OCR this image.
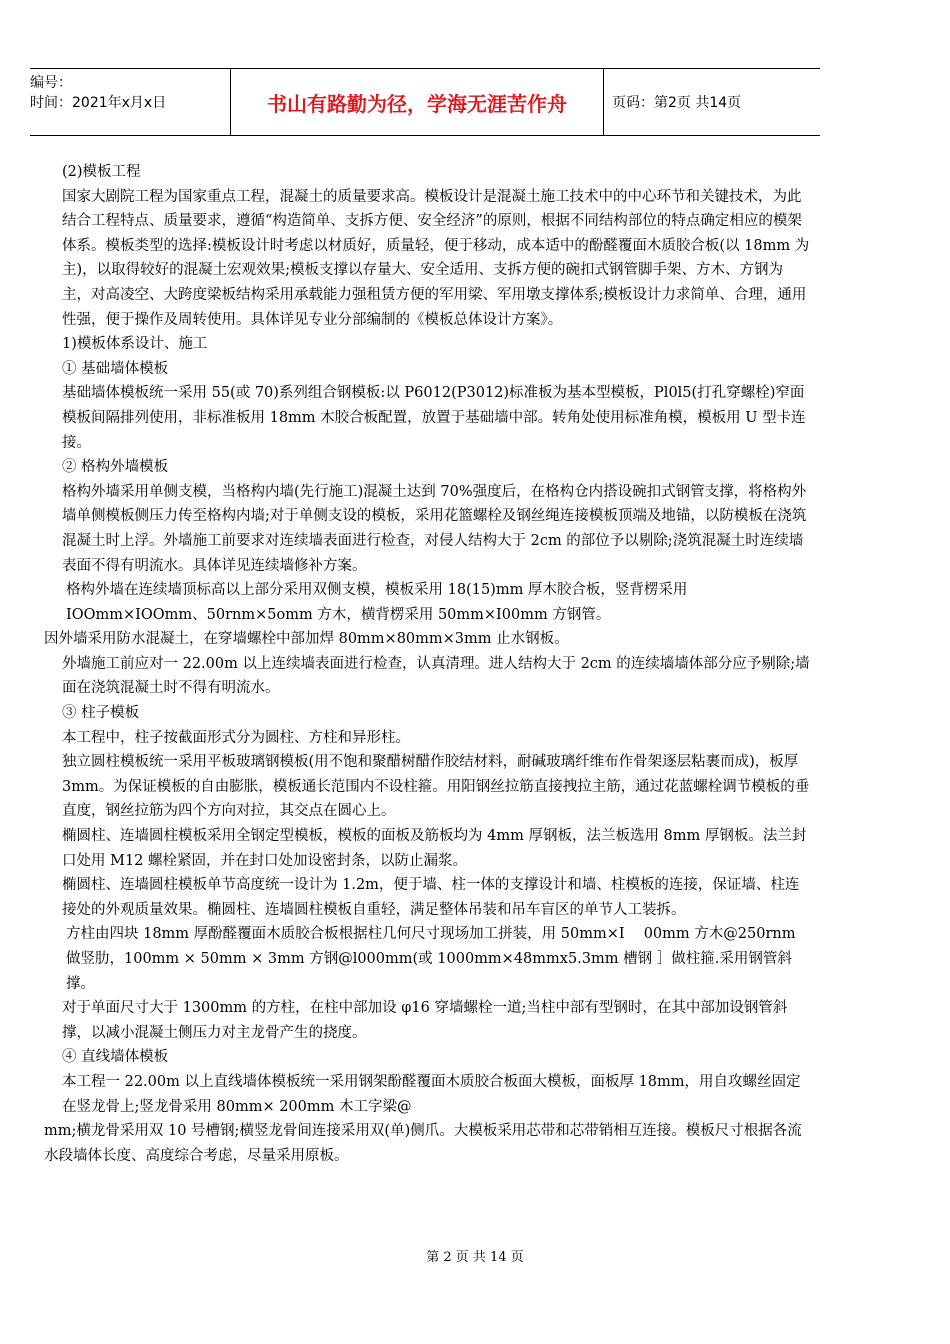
编号：
时间：2021年x月x日	书山有路勤为径，学海无涯苦作舟	页码：第2页 共14页

(2)模板工程

国家大剧院工程为国家重点工程，混凝土的质量要求高。模板设计是混凝土施工技术中的中心环节和关键技术，为此结合工程特点、质量要求，遵循“构造简单、支拆方便、安全经济”的原则，根据不同结构部位的特点确定相应的模架体系。模板类型的选择:模板设计时考虑以材质好，质量轻，便于移动，成本适中的酚醛覆面木质胶合板(以 18mm 为主)，以取得较好的混凝土宏观效果;模板支撑以存量大、安全适用、支拆方便的碗扣式钢管脚手架、方木、方钢为主，对高凌空、大跨度梁板结构采用承载能力强租赁方便的军用梁、军用墩支撑体系;模板设计力求简单、合理，通用性强，便于操作及周转使用。具体详见专业分部编制的《模板总体设计方案》。

1)模板体系设计、施工

① 基础墙体模板

基础墙体模板统一采用 55(或 70)系列组合钢模板:以 P6012(P3012)标准板为基本型模板，Pl0l5(打孔穿螺栓)窄面模板间隔排列使用，非标准板用 18mm 木胶合板配置，放置于基础墙中部。转角处使用标准角模，模板用 U 型卡连接。

② 格构外墙模板

格构外墙采用单侧支模，当格构内墙(先行施工)混凝土达到 70%强度后，在格构仓内搭设碗扣式钢管支撑，将格构外墙单侧模板侧压力传至格构内墙;对于单侧支设的模板，采用花篮螺栓及钢丝绳连接模板顶端及地锚，以防模板在浇筑混凝土时上浮。外墙施工前要求对连续墙表面进行检查，对侵人结构大于 2cm 的部位予以剔除;浇筑混凝土时连续墙表面不得有明流水。具体详见连续墙修补方案。

格构外墙在连续墙顶标高以上部分采用双侧支模，模板采用 18(15)mm 厚木胶合板，竖背楞采用 IOOmm×IOOmm、50rnm×5omm 方木，横背楞采用 50mm×I00mm 方钢管。

因外墙采用防水混凝土，在穿墙螺栓中部加焊 80mm×80mm×3mm 止水钢板。

外墙施工前应对一 22.00m 以上连续墙表面进行检查，认真清理。进人结构大于 2cm 的连续墙墙体部分应予剔除;墙面在浇筑混凝土时不得有明流水。

③ 柱子模板

本工程中，柱子按截面形式分为圆柱、方柱和异形柱。

独立圆柱模板统一采用平板玻璃钢模板(用不饱和聚醋树醋作胶结材料，耐碱玻璃纤维布作骨架逐层粘裹而成)，板厚 3mm。为保证模板的自由膨胀，模板通长范围内不设柱箍。用阳钢丝拉筋直接拽拉主筋，通过花蓝螺栓调节模板的垂直度，钢丝拉筋为四个方向对拉，其交点在圆心上。

椭圆柱、连墙圆柱模板采用全钢定型模板，模板的面板及筋板均为 4mm 厚钢板，法兰板选用 8mm 厚钢板。法兰封口处用 M12 螺栓紧固，并在封口处加设密封条，以防止漏浆。

椭圆柱、连墙圆柱模板单节高度统一设计为 1.2m，便于墙、柱一体的支撑设计和墙、柱模板的连接，保证墙、柱连接处的外观质量效果。椭圆柱、连墙圆柱模板自重轻，满足整体吊装和吊车盲区的单节人工装拆。

方柱由四块 18mm 厚酚醛覆面木质胶合板根据柱几何尺寸现场加工拼装，用 50mm×I　 00mm 方木@250rnm 做竖肋，100mm × 50mm × 3mm 方钢@l000mm(或 1000mm×48mmx5.3mm 槽钢 ］做柱箍.采用钢管斜撑。

对于单面尺寸大于 1300mm 的方柱，在柱中部加设 φ16 穿墙螺栓一道;当柱中部有型钢时，在其中部加设钢管斜撑，以减小混凝土侧压力对主龙骨产生的挠度。

④ 直线墙体模板

本工程一 22.00m 以上直线墙体模板统一采用钢架酚醛覆面木质胶合板面大模板，面板厚 18mm，用自攻螺丝固定在竖龙骨上;竖龙骨采用 80mm× 200mm 木工字梁@

mm;横龙骨采用双 10 号槽钢;横竖龙骨间连接采用双(单)侧爪。大模板采用芯带和芯带销相互连接。模板尺寸根据各流水段墙体长度、高度综合考虑，尽量采用原板。

第 2 页 共 14 页
